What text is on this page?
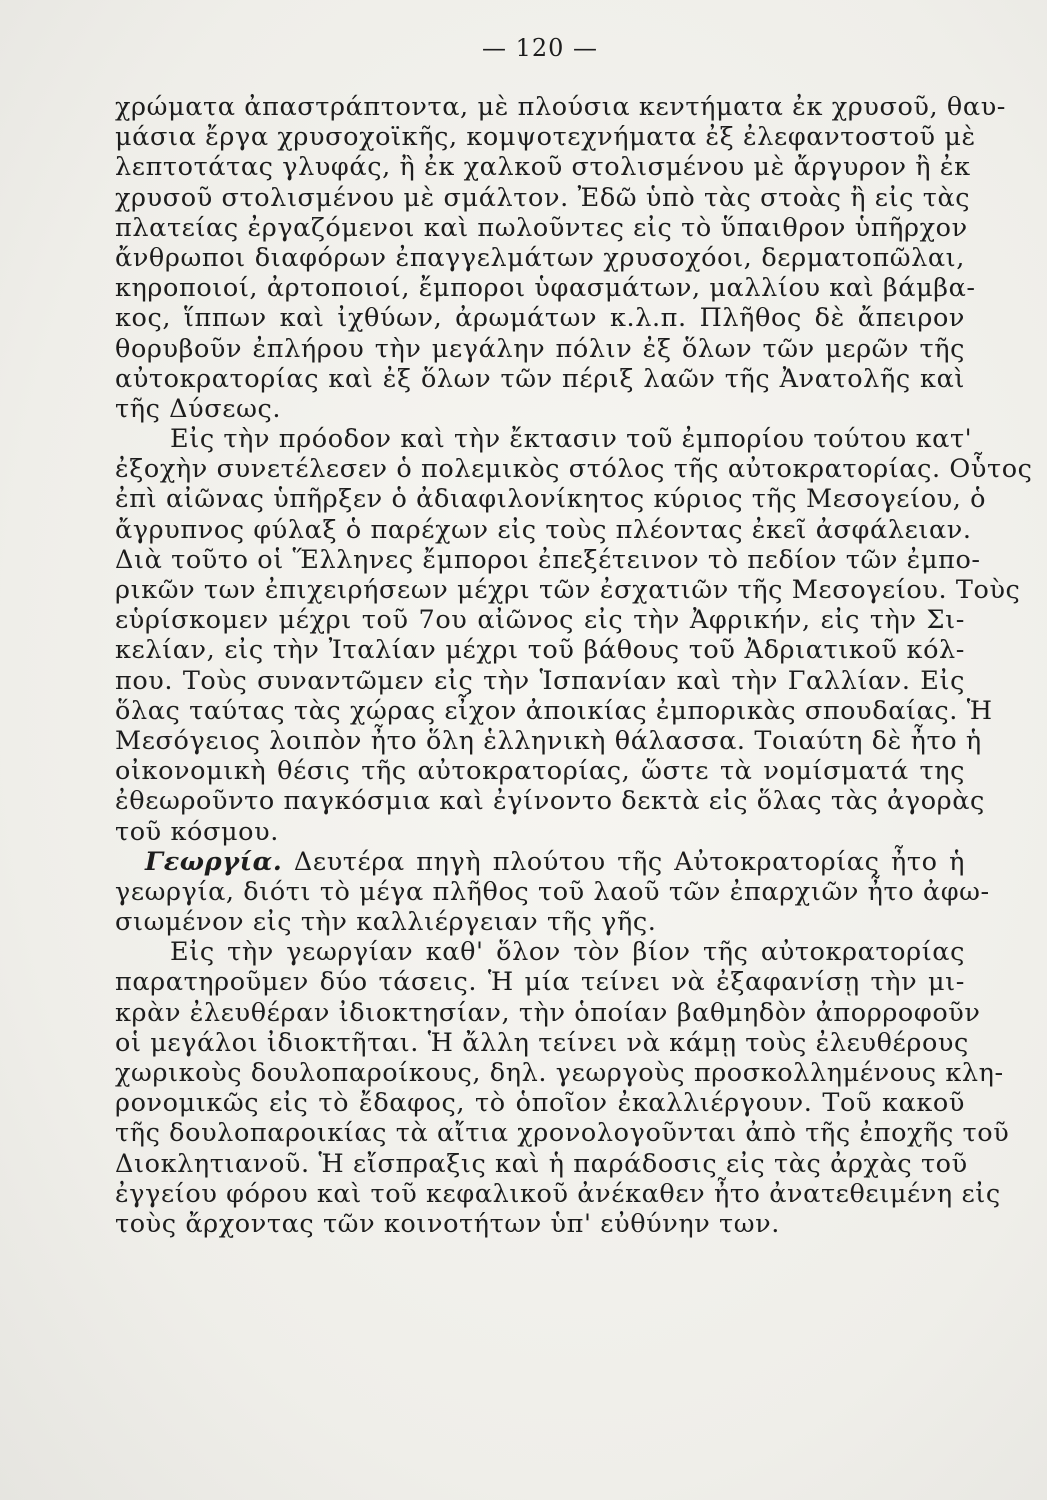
— 120 —
χρώματα ἀπαστράπτοντα, μὲ πλούσια κεντήματα ἐκ χρυσοῦ, θαυ-
μάσια ἔργα χρυσοχοϊκῆς, κομψοτεχνήματα ἐξ ἐλεφαντοστοῦ μὲ
λεπτοτάτας γλυφάς, ἢ ἐκ χαλκοῦ στολισμένου μὲ ἄργυρον ἢ ἐκ
χρυσοῦ στολισμένου μὲ σμάλτον. Ἐδῶ ὑπὸ τὰς στοὰς ἢ εἰς τὰς
πλατείας ἐργαζόμενοι καὶ πωλοῦντες εἰς τὸ ὕπαιθρον ὑπῆρχον
ἄνθρωποι διαφόρων ἐπαγγελμάτων χρυσοχόοι, δερματοπῶλαι,
κηροποιοί, ἀρτοποιοί, ἔμποροι ὑφασμάτων, μαλλίου καὶ βάμβα-
κος, ἵππων καὶ ἰχθύων, ἀρωμάτων κ.λ.π. Πλῆθος δὲ ἄπειρον
θορυβοῦν ἐπλήρου τὴν μεγάλην πόλιν ἐξ ὅλων τῶν μερῶν τῆς
αὐτοκρατορίας καὶ ἐξ ὅλων τῶν πέριξ λαῶν τῆς Ἀνατολῆς καὶ
τῆς Δύσεως.
Εἰς τὴν πρόοδον καὶ τὴν ἔκτασιν τοῦ ἐμπορίου τούτου κατ'
ἐξοχὴν συνετέλεσεν ὁ πολεμικὸς στόλος τῆς αὐτοκρατορίας. Οὗτος
ἐπὶ αἰῶνας ὑπῆρξεν ὁ ἀδιαφιλονίκητος κύριος τῆς Μεσογείου, ὁ
ἄγρυπνος φύλαξ ὁ παρέχων εἰς τοὺς πλέοντας ἐκεῖ ἀσφάλειαν.
Διὰ τοῦτο οἱ Ἕλληνες ἔμποροι ἐπεξέτεινον τὸ πεδίον τῶν ἐμπο-
ρικῶν των ἐπιχειρήσεων μέχρι τῶν ἐσχατιῶν τῆς Μεσογείου. Τοὺς
εὑρίσκομεν μέχρι τοῦ 7ου αἰῶνος εἰς τὴν Ἀφρικήν, εἰς τὴν Σι-
κελίαν, εἰς τὴν Ἰταλίαν μέχρι τοῦ βάθους τοῦ Ἀδριατικοῦ κόλ-
που. Τοὺς συναντῶμεν εἰς τὴν Ἱσπανίαν καὶ τὴν Γαλλίαν. Εἰς
ὅλας ταύτας τὰς χώρας εἶχον ἀποικίας ἐμπορικὰς σπουδαίας. Ἡ
Μεσόγειος λοιπὸν ἦτο ὅλη ἑλληνικὴ θάλασσα. Τοιαύτη δὲ ἦτο ἡ
οἰκονομικὴ θέσις τῆς αὐτοκρατορίας, ὥστε τὰ νομίσματά της
ἐθεωροῦντο παγκόσμια καὶ ἐγίνοντο δεκτὰ εἰς ὅλας τὰς ἀγορὰς
τοῦ κόσμου.
Γεωργία. Δευτέρα πηγὴ πλούτου τῆς Αὐτοκρατορίας ἦτο ἡ
γεωργία, διότι τὸ μέγα πλῆθος τοῦ λαοῦ τῶν ἐπαρχιῶν ἦτο ἀφω-
σιωμένον εἰς τὴν καλλιέργειαν τῆς γῆς.
Εἰς τὴν γεωργίαν καθ' ὅλον τὸν βίον τῆς αὐτοκρατορίας
παρατηροῦμεν δύο τάσεις. Ἡ μία τείνει νὰ ἐξαφανίσῃ τὴν μι-
κρὰν ἐλευθέραν ἰδιοκτησίαν, τὴν ὁποίαν βαθμηδὸν ἀπορροφοῦν
οἱ μεγάλοι ἰδιοκτῆται. Ἡ ἄλλη τείνει νὰ κάμῃ τοὺς ἐλευθέρους
χωρικοὺς δουλοπαροίκους, δηλ. γεωργοὺς προσκολλημένους κλη-
ρονομικῶς εἰς τὸ ἔδαφος, τὸ ὁποῖον ἐκαλλιέργουν. Τοῦ κακοῦ
τῆς δουλοπαροικίας τὰ αἴτια χρονολογοῦνται ἀπὸ τῆς ἐποχῆς τοῦ
Διοκλητιανοῦ. Ἡ εἴσπραξις καὶ ἡ παράδοσις εἰς τὰς ἀρχὰς τοῦ
ἐγγείου φόρου καὶ τοῦ κεφαλικοῦ ἀνέκαθεν ἦτο ἀνατεθειμένη εἰς
τοὺς ἄρχοντας τῶν κοινοτήτων ὑπ' εὐθύνην των.
